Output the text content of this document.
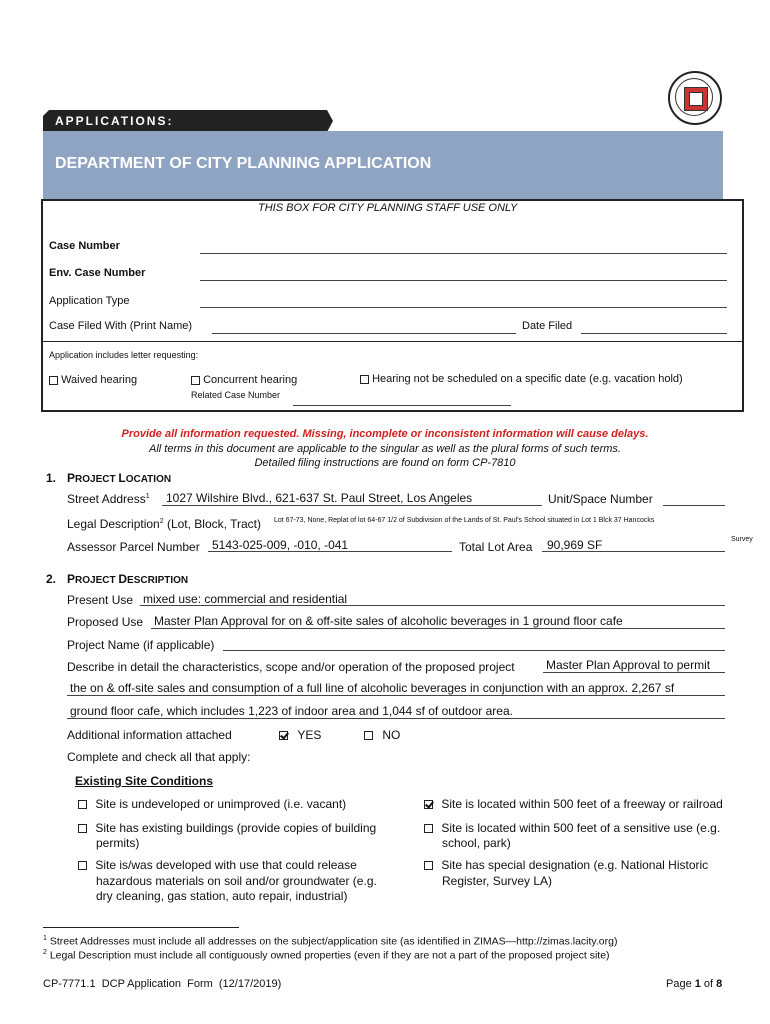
APPLICATIONS:
DEPARTMENT OF CITY PLANNING APPLICATION
THIS BOX FOR CITY PLANNING STAFF USE ONLY
Case Number
Env. Case Number
Application Type
Case Filed With (Print Name)	Date Filed
Application includes letter requesting:
Waived hearing	Concurrent hearing
Related Case Number
Hearing not be scheduled on a specific date (e.g. vacation hold)
Provide all information requested. Missing, incomplete or inconsistent information will cause delays.
All terms in this document are applicable to the singular as well as the plural forms of such terms.
Detailed filing instructions are found on form CP-7810
1. PROJECT LOCATION
Street Address$^1$ 1027 Wilshire Blvd., 621-637 St. Paul Street, Los Angeles	Unit/Space Number
Legal Description$^2$ (Lot, Block, Tract) Lot 67-73, None, Replat of lot 64-67 1/2 of Subdivision of the Lands of St. Paul's School situated in Lot 1 Blck 37 Hancocks
Survey
Assessor Parcel Number 5143-025-009, -010, -041	Total Lot Area 90,969 SF
2. PROJECT DESCRIPTION
Present Use mixed use: commercial and residential
Proposed Use Master Plan Approval for on & off-site sales of alcoholic beverages in 1 ground floor cafe
Project Name (if applicable)
Describe in detail the characteristics, scope and/or operation of the proposed project	Master Plan Approval to permit
the on & off-site sales and consumption of a full line of alcoholic beverages in conjunction with an approx. 2,267 sf
ground floor cafe, which includes 1,223 of indoor area and 1,044 sf of outdoor area.
Additional information attached	YES	NO
Complete and check all that apply:
Existing Site Conditions
Site is undeveloped or unimproved (i.e. vacant)
Site has existing buildings (provide copies of building
permits)
Site is/was developed with use that could release
hazardous materials on soil and/or groundwater (e.g.
dry cleaning, gas station, auto repair, industrial)
Site is located within 500 feet of a freeway or railroad
Site is located within 500 feet of a sensitive use (e.g.
school, park)
Site has special designation (e.g. National Historic
Register, Survey LA)
$^1$ Street Addresses must include all addresses on the subject/application site (as identified in ZIMAS—http://zimas.lacity.org)
$^2$ Legal Description must include all contiguously owned properties (even if they are not a part of the proposed project site)
CP-7771.1  DCP Application  Form  (12/17/2019)	Page 1 of 8
